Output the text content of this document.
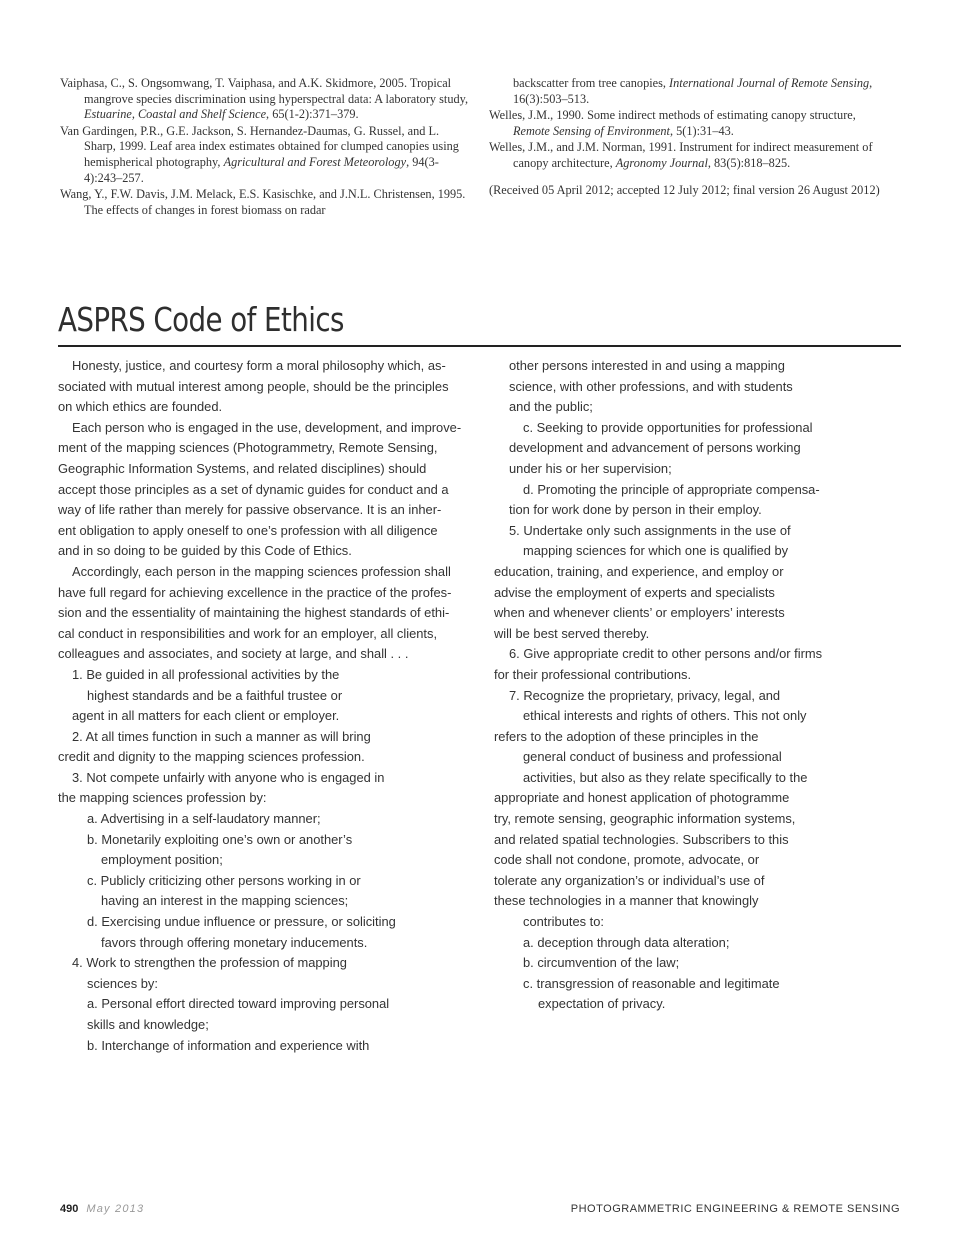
Vaiphasa, C., S. Ongsomwang, T. Vaiphasa, and A.K. Skidmore, 2005. Tropical mangrove species discrimination using hyperspectral data: A laboratory study, Estuarine, Coastal and Shelf Science, 65(1-2):371–379.
Van Gardingen, P.R., G.E. Jackson, S. Hernandez-Daumas, G. Russel, and L. Sharp, 1999. Leaf area index estimates obtained for clumped canopies using hemispherical photography, Agricultural and Forest Meteorology, 94(3-4):243–257.
Wang, Y., F.W. Davis, J.M. Melack, E.S. Kasischke, and J.N.L. Christensen, 1995. The effects of changes in forest biomass on radar
backscatter from tree canopies, International Journal of Remote Sensing, 16(3):503–513.
Welles, J.M., 1990. Some indirect methods of estimating canopy structure, Remote Sensing of Environment, 5(1):31–43.
Welles, J.M., and J.M. Norman, 1991. Instrument for indirect measurement of canopy architecture, Agronomy Journal, 83(5):818–825.
(Received 05 April 2012; accepted 12 July 2012; final version 26 August 2012)
ASPRS Code of Ethics
Honesty, justice, and courtesy form a moral philosophy which, as-
sociated with mutual interest among people, should be the principles
on which ethics are founded.
Each person who is engaged in the use, development, and improve-
ment of the mapping sciences (Photogrammetry, Remote Sensing,
Geographic Information Systems, and related disciplines) should
accept those principles as a set of dynamic guides for conduct and a
way of life rather than merely for passive observance. It is an inher-
ent obligation to apply oneself to one’s profession with all diligence
and in so doing to be guided by this Code of Ethics.
Accordingly, each person in the mapping sciences profession shall
have full regard for achieving excellence in the practice of the profes-
sion and the essentiality of maintaining the highest standards of ethi-
cal conduct in responsibilities and work for an employer, all clients,
colleagues and associates, and society at large, and shall . . .
1. Be guided in all professional activities by the
highest standards and be a faithful trustee or
agent in all matters for each client or employer.
2. At all times function in such a manner as will bring
credit and dignity to the mapping sciences profession.
3. Not compete unfairly with anyone who is engaged in
the mapping sciences profession by:
a. Advertising in a self-laudatory manner;
b. Monetarily exploiting one’s own or another’s
employment position;
c. Publicly criticizing other persons working in or
having an interest in the mapping sciences;
d. Exercising undue influence or pressure, or soliciting
favors through offering monetary inducements.
4. Work to strengthen the profession of mapping
sciences by:
a. Personal effort directed toward improving personal
skills and knowledge;
b. Interchange of information and experience with
other persons interested in and using a mapping
science, with other professions, and with students
and the public;
c. Seeking to provide opportunities for professional
development and advancement of persons working
under his or her supervision;
d. Promoting the principle of appropriate compensa-
tion for work done by person in their employ.
5. Undertake only such assignments in the use of
mapping sciences for which one is qualified by
education, training, and experience, and employ or
advise the employment of experts and specialists
when and whenever clients’ or employers’ interests
will be best served thereby.
6. Give appropriate credit to other persons and/or firms
for their professional contributions.
7. Recognize the proprietary, privacy, legal, and
ethical interests and rights of others. This not only
refers to the adoption of these principles in the
general conduct of business and professional
activities, but also as they relate specifically to the
appropriate and honest application of photogramme
try, remote sensing, geographic information systems,
and related spatial technologies. Subscribers to this
code shall not condone, promote, advocate, or
tolerate any organization’s or individual’s use of
these technologies in a manner that knowingly
contributes to:
a. deception through data alteration;
b. circumvention of the law;
c. transgression of reasonable and legitimate
expectation of privacy.
490 May 2013	PHOTOGRAMMETRIC ENGINEERING & REMOTE SENSING
